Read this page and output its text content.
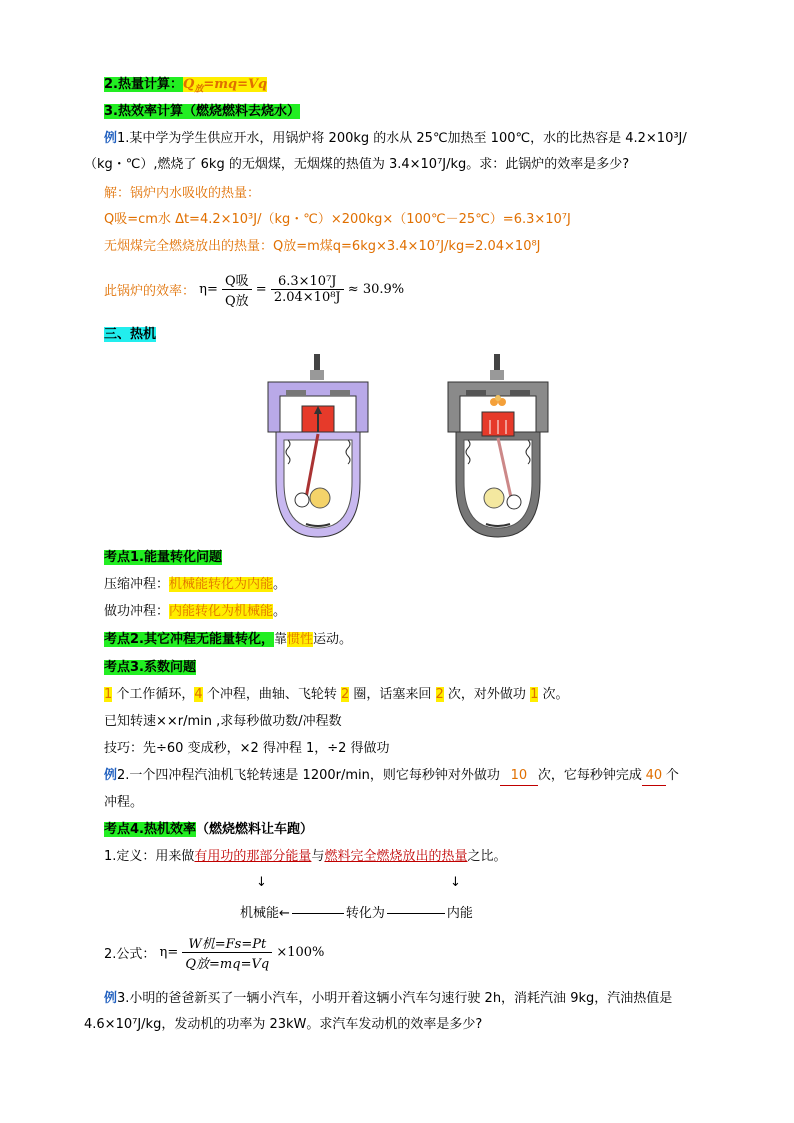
2.热量计算：$Q_放=mq=Vq$
3.热效率计算（燃烧燃料去烧水）
例1.某中学为学生供应开水，用锅炉将 200kg 的水从 25℃加热至 100℃，水的比热容是 4.2×10³J/
（kg・℃）,燃烧了 6kg 的无烟煤，无烟煤的热值为 3.4×10⁷J/kg。求：此锅炉的效率是多少?
解：锅炉内水吸收的热量：
Q吸=cm水 Δt=4.2×10³J/（kg・℃）×200kg×（100℃－25℃）=6.3×10⁷J
无烟煤完全燃烧放出的热量：Q放=m煤q=6kg×3.4×10⁷J/kg=2.04×10⁸J
此锅炉的效率： $\eta= \frac{\text{Q吸}}{\text{Q放}} = \frac{\text{6.3×10⁷J}}{\text{2.04×10⁸J}} \approx 30.9\%$
三、热机
考点1.能量转化问题
压缩冲程：机械能转化为内能。
做功冲程：内能转化为机械能。
考点2.其它冲程无能量转化，靠惯性运动。
考点3.系数问题
1 个工作循环，4 个冲程，曲轴、飞轮转 2 圈，话塞来回 2 次，对外做功 1 次。
已知转速××r/min ,求每秒做功数/冲程数
技巧：先÷60 变成秒，×2 得冲程 1，÷2 得做功
例2.一个四冲程汽油机飞轮转速是 1200r/min，则它每秒钟对外做功 10 次，它每秒钟完成 40 个
冲程。
考点4.热机效率（燃烧燃料让车跑）
1.定义：用来做有用功的那部分能量与燃料完全燃烧放出的热量之比。
↓	↓
机械能←	转化为	内能
2.公式： $\eta= \frac{\text{W机=Fs=Pt}}{\text{Q放=mq=Vq}} \times 100\%$
例3.小明的爸爸新买了一辆小汽车，小明开着这辆小汽车匀速行驶 2h，消耗汽油 9kg，汽油热值是
4.6×10⁷J/kg，发动机的功率为 23kW。求汽车发动机的效率是多少?
